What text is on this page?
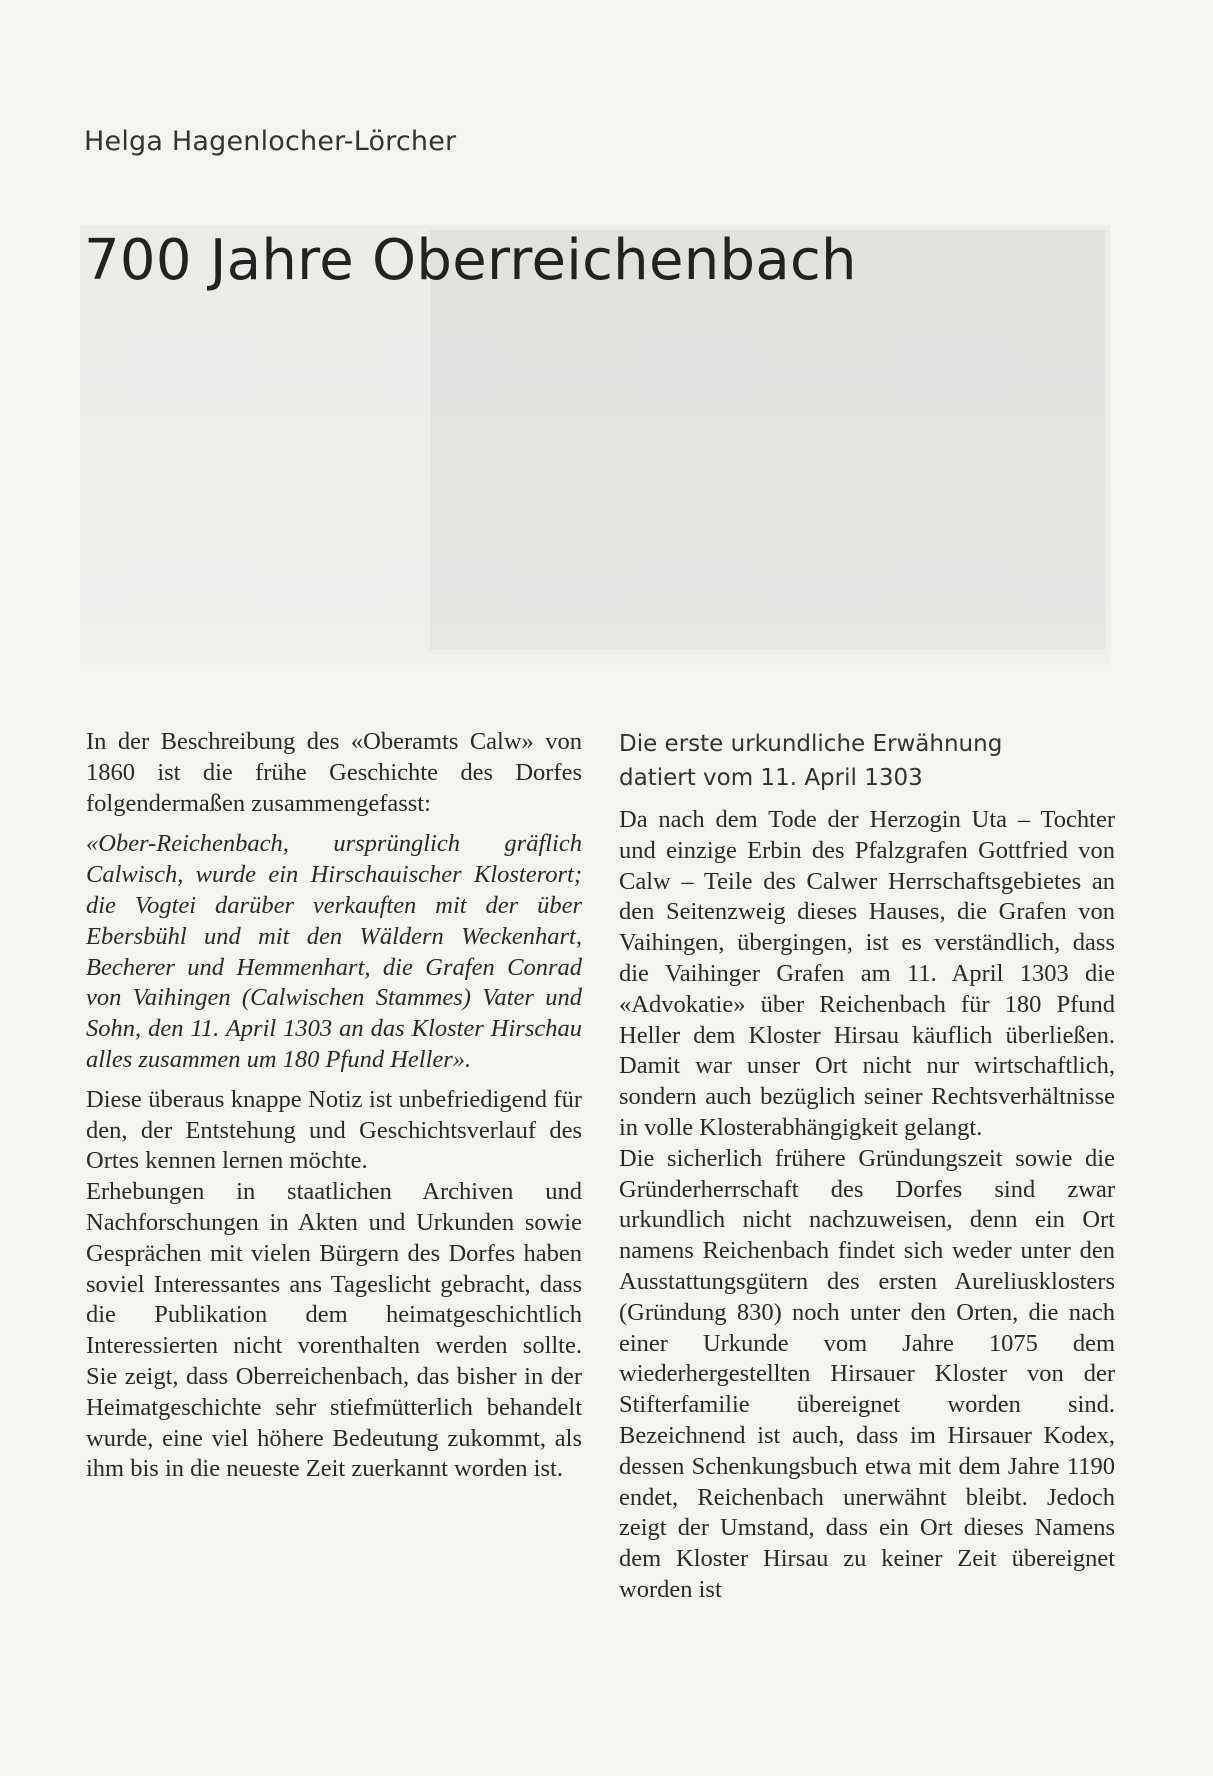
Helga Hagenlocher-Lörcher
700 Jahre Oberreichenbach

In der Beschreibung des «Oberamts Calw» von 1860 ist die frühe Geschichte des Dorfes folgendermaßen zusammengefasst:

«Ober-Reichenbach, ursprünglich gräflich Calwisch, wurde ein Hirschauischer Klosterort; die Vogtei darüber verkauften mit der über Ebersbühl und mit den Wäldern Weckenhart, Becherer und Hemmenhart, die Grafen Conrad von Vaihingen (Calwischen Stammes) Vater und Sohn, den 11. April 1303 an das Kloster Hirschau alles zusammen um 180 Pfund Heller».

Diese überaus knappe Notiz ist unbefriedigend für den, der Entstehung und Geschichtsverlauf des Ortes kennen lernen möchte.

Erhebungen in staatlichen Archiven und Nachforschungen in Akten und Urkunden sowie Gesprächen mit vielen Bürgern des Dorfes haben soviel Interessantes ans Tageslicht gebracht, dass die Publikation dem heimatgeschichtlich Interessierten nicht vorenthalten werden sollte. Sie zeigt, dass Oberreichenbach, das bisher in der Heimatgeschichte sehr stiefmütterlich behandelt wurde, eine viel höhere Bedeutung zukommt, als ihm bis in die neueste Zeit zuerkannt worden ist.

Die erste urkundliche Erwähnung
datiert vom 11. April 1303

Da nach dem Tode der Herzogin Uta – Tochter und einzige Erbin des Pfalzgrafen Gottfried von Calw – Teile des Calwer Herrschaftsgebietes an den Seitenzweig dieses Hauses, die Grafen von Vaihingen, übergingen, ist es verständlich, dass die Vaihinger Grafen am 11. April 1303 die «Advokatie» über Reichenbach für 180 Pfund Heller dem Kloster Hirsau käuflich überließen. Damit war unser Ort nicht nur wirtschaftlich, sondern auch bezüglich seiner Rechtsverhältnisse in volle Klosterabhängigkeit gelangt.

Die sicherlich frühere Gründungszeit sowie die Gründerherrschaft des Dorfes sind zwar urkundlich nicht nachzuweisen, denn ein Ort namens Reichenbach findet sich weder unter den Ausstattungsgütern des ersten Aureliusklosters (Gründung 830) noch unter den Orten, die nach einer Urkunde vom Jahre 1075 dem wiederhergestellten Hirsauer Kloster von der Stifterfamilie übereignet worden sind. Bezeichnend ist auch, dass im Hirsauer Kodex, dessen Schenkungsbuch etwa mit dem Jahre 1190 endet, Reichenbach unerwähnt bleibt. Jedoch zeigt der Umstand, dass ein Ort dieses Namens dem Kloster Hirsau zu keiner Zeit übereignet worden ist
